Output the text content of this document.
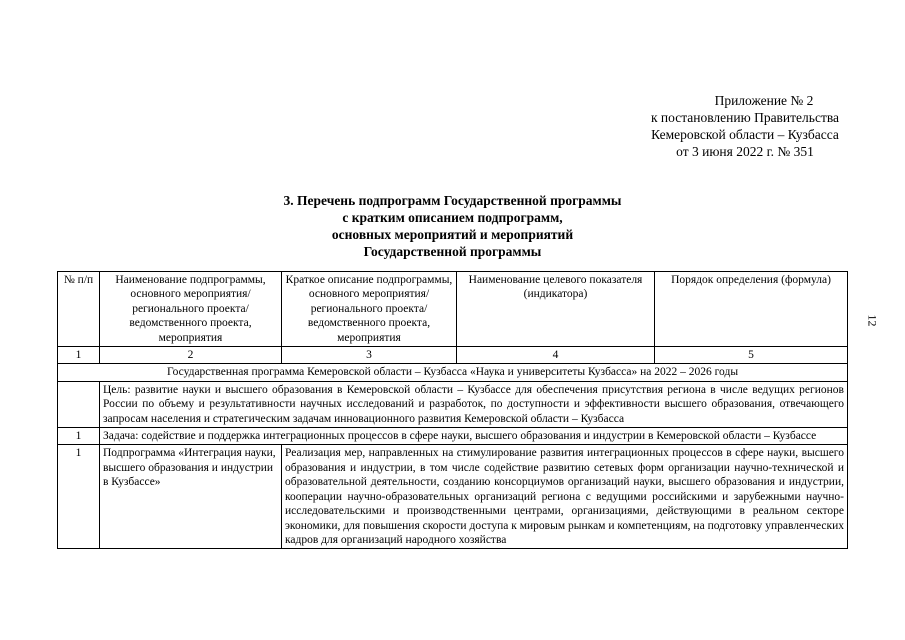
Приложение № 2
к постановлению Правительства
Кемеровской области – Кузбасса
от 3 июня 2022 г. № 351
3. Перечень подпрограмм Государственной программы
с кратким описанием подпрограмм,
основных мероприятий и мероприятий
Государственной программы
12
№ п/п	Наименование подпрограммы, основного мероприятия/ регионального проекта/ ведомственного проекта, мероприятия	Краткое описание подпрограммы, основного мероприятия/ регионального проекта/ ведомственного проекта, мероприятия	Наименование целевого показателя (индикатора)	Порядок определения (формула)
1	2	3	4	5
Государственная программа Кемеровской области – Кузбасса «Наука и университеты Кузбасса» на 2022 – 2026 годы				
	Цель: развитие науки и высшего образования в Кемеровской области – Кузбассе для обеспечения присутствия региона в числе ведущих регионов России по объему и результативности научных исследований и разработок, по доступности и эффективности высшего образования, отвечающего запросам населения и стратегическим задачам инновационного развития Кемеровской области – Кузбасса			
1	Задача: содействие и поддержка интеграционных процессов в сфере науки, высшего образования и индустрии в Кемеровской области – Кузбассе			
1	Подпрограмма «Интеграция науки, высшего образования и индустрии в Кузбассе»	Реализация мер, направленных на стимулирование развития интеграционных процессов в сфере науки, высшего образования и индустрии, в том числе содействие развитию сетевых форм организации научно-технической и образовательной деятельности, созданию консорциумов организаций науки, высшего образования и индустрии, кооперации научно-образовательных организаций региона с ведущими российскими и зарубежными научно-исследовательскими и производственными центрами, организациями, действующими в реальном секторе экономики, для повышения скорости доступа к мировым рынкам и компетенциям, на подготовку управленческих кадров для организаций народного хозяйства		
